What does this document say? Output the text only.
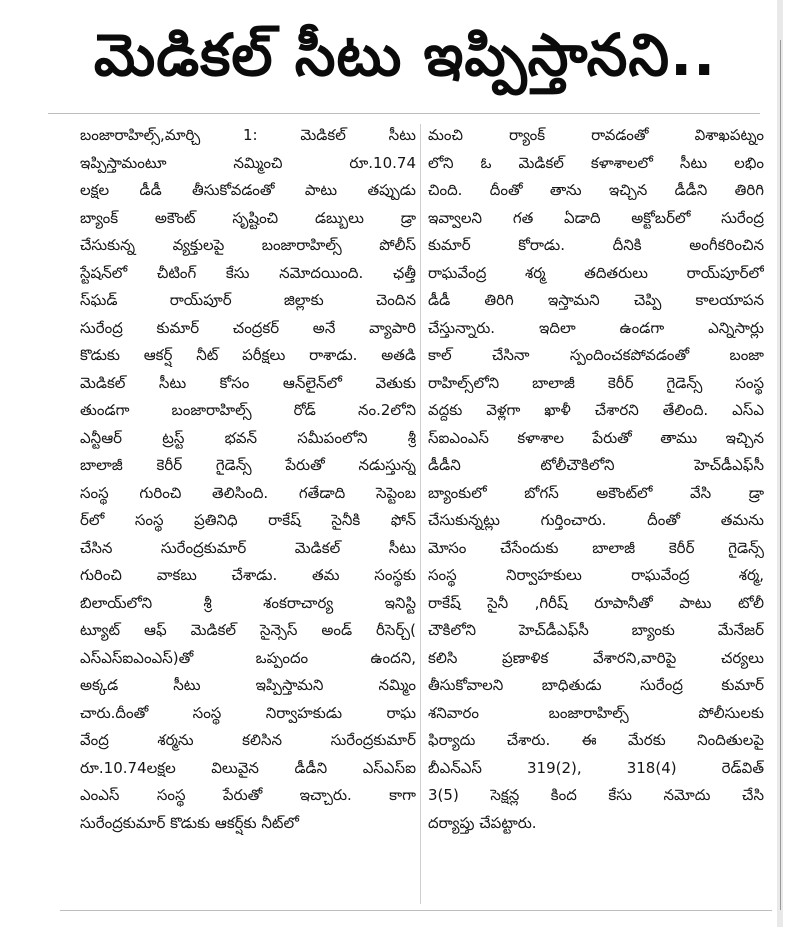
మెడికల్ సీటు ఇప్పిస్తానని..
బంజారాహిల్స్,మార్చి 1: మెడికల్ సీటు
ఇప్పిస్తామంటూ నమ్మించి రూ.10.74
లక్షల డీడీ తీసుకోవడంతో పాటు తప్పుడు
బ్యాంక్ అకౌంట్ సృష్టించి డబ్బులు డ్రా
చేసుకున్న వ్యక్తులపై బంజారాహిల్స్ పోలీస్
స్టేషన్‌లో చీటింగ్ కేసు నమోదయింది. ఛత్తీ
స్‌ఘడ్ రాయ్‌పూర్ జిల్లాకు చెందిన
సురేంద్ర కుమార్ చంద్రకర్ అనే వ్యాపారి
కొడుకు ఆకర్ష్ నీట్ పరీక్షలు రాశాడు. అతడి
మెడికల్ సీటు కోసం ఆన్‌లైన్‌లో వెతుకు
తుండగా బంజారాహిల్స్ రోడ్ నం.2లోని
ఎన్టీఆర్ ట్రస్ట్ భవన్ సమీపంలోని శ్రీ
బాలాజీ కెరీర్ గైడెన్స్ పేరుతో నడుస్తున్న
సంస్థ గురించి తెలిసింది. గతేడాది సెప్టెంబ
ర్‌లో సంస్థ ప్రతినిధి రాకేష్ సైనీకి ఫోన్
చేసిన సురేంద్రకుమార్ మెడికల్ సీటు
గురించి వాకబు చేశాడు. తమ సంస్థకు
బిలాయ్‌లోని శ్రీ శంకరాచార్య ఇనిస్టి
ట్యూట్ ఆఫ్ మెడికల్ సైన్సెస్ అండ్ రీసెర్చ్(
ఎస్ఎస్ఐఎంఎస్)తో ఒప్పందం ఉందని,
అక్కడ సీటు ఇప్పిస్తామని నమ్మిం
చారు.దీంతో సంస్థ నిర్వాహకుడు రాఘ
వేంద్ర శర్మను కలిసిన సురేంద్రకుమార్
రూ.10.74లక్షల విలువైన డీడీని ఎస్ఎస్ఐ
ఎంఎస్ సంస్థ పేరుతో ఇచ్చారు. కాగా
సురేంద్రకుమార్ కొడుకు ఆకర్ష్‌కు నీట్‌లో
మంచి ర్యాంక్ రావడంతో విశాఖపట్నం
లోని ఓ మెడికల్ కళాశాలలో సీటు లభిం
చింది. దీంతో తాను ఇచ్చిన డీడీని తిరిగి
ఇవ్వాలని గత ఏడాది అక్టోబర్‌లో సురేంద్ర
కుమార్ కోరాడు. దీనికి అంగీకరించిన
రాఘవేంద్ర శర్మ తదితరులు రాయ్‌పూర్‌లో
డీడీ తిరిగి ఇస్తామని చెప్పి కాలయాపన
చేస్తున్నారు. ఇదిలా ఉండగా ఎన్నిసార్లు
కాల్ చేసినా స్పందించకపోవడంతో బంజా
రాహిల్స్‌లోని బాలాజీ కెరీర్ గైడెన్స్ సంస్థ
వద్దకు వెళ్లగా ఖాళీ చేశారని తేలింది. ఎస్ఎ
స్ఐఎంఎస్ కళాశాల పేరుతో తాము ఇచ్చిన
డీడీని టోలీచౌకిలోని హెచ్‌డీఎఫ్‌సీ
బ్యాంకులో బోగస్ అకౌంట్‌లో వేసి డ్రా
చేసుకున్నట్లు గుర్తించారు. దీంతో తమను
మోసం చేసేందుకు బాలాజీ కెరీర్ గైడెన్స్
సంస్థ నిర్వాహకులు రాఘవేంద్ర శర్మ,
రాకేష్ సైనీ ,గిరీష్ రూపానీతో పాటు టోలీ
చౌకిలోని హెచ్‌డీఎఫ్‌సీ బ్యాంకు మేనేజర్
కలిసి ప్రణాళిక వేశారని,వారిపై చర్యలు
తీసుకోవాలని బాధితుడు సురేంద్ర కుమార్
శనివారం బంజారాహిల్స్ పోలీసులకు
ఫిర్యాదు చేశారు. ఈ మేరకు నిందితులపై
బీఎన్ఎస్ 319(2), 318(4) రెడ్‌విత్
3(5) సెక్షన్ల కింద కేసు నమోదు చేసి
దర్యాప్తు చేపట్టారు.
